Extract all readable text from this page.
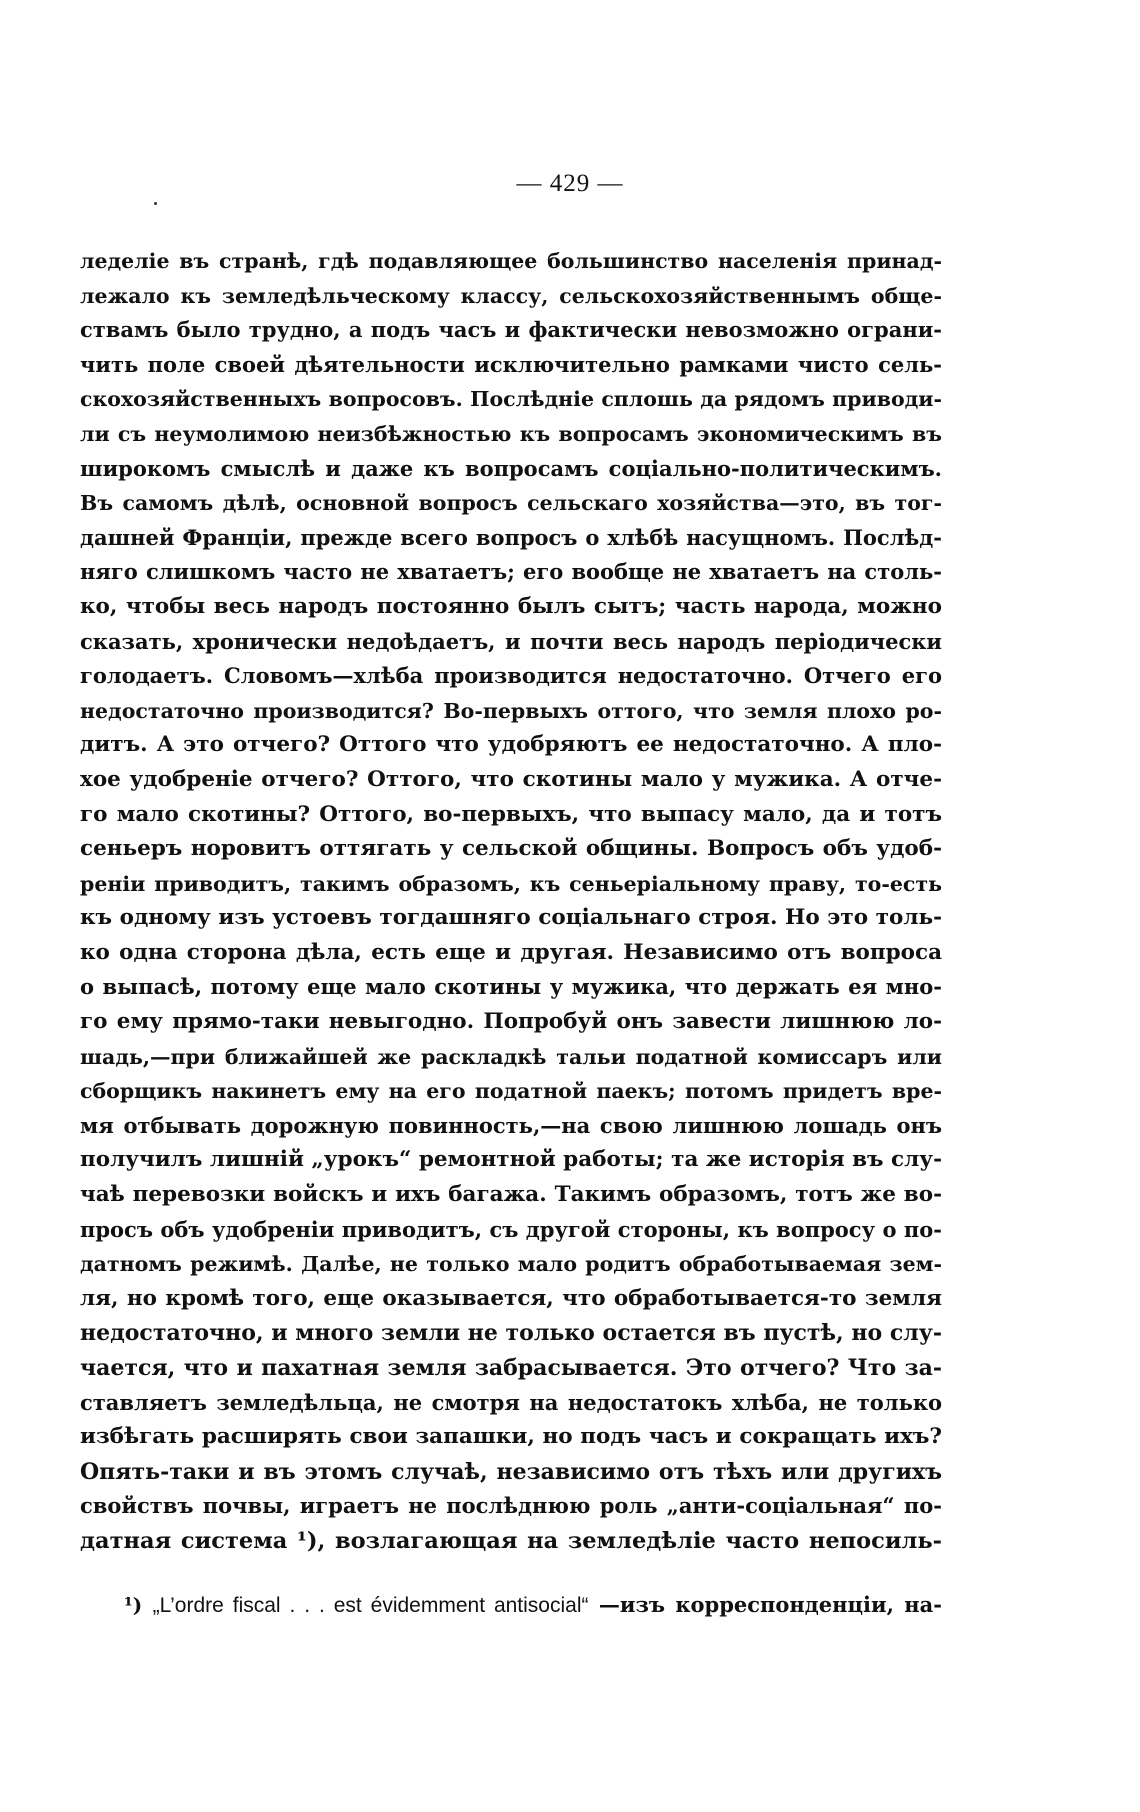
— 429 —
леделіе въ странѣ, гдѣ подавляющее большинство населенія принад-
лежало къ земледѣльческому классу, сельскохозяйственнымъ обще-
ствамъ было трудно, а подъ часъ и фактически невозможно ограни-
чить поле своей дѣятельности исключительно рамками чисто сель-
скохозяйственныхъ вопросовъ. Послѣдніе сплошь да рядомъ приводи-
ли съ неумолимою неизбѣжностью къ вопросамъ экономическимъ въ
широкомъ смыслѣ и даже къ вопросамъ соціально-политическимъ.
Въ самомъ дѣлѣ, основной вопросъ сельскаго хозяйства—это, въ тог-
дашней Франціи, прежде всего вопросъ о хлѣбѣ насущномъ. Послѣд-
няго слишкомъ часто не хватаетъ; его вообще не хватаетъ на столь-
ко, чтобы весь народъ постоянно былъ сытъ; часть народа, можно
сказать, хронически недоѣдаетъ, и почти весь народъ періодически
голодаетъ. Словомъ—хлѣба производится недостаточно. Отчего его
недостаточно производится? Во-первыхъ оттого, что земля плохо ро-
дитъ. А это отчего? Оттого что удобряютъ ее недостаточно. А пло-
хое удобреніе отчего? Оттого, что скотины мало у мужика. А отче-
го мало скотины? Оттого, во-первыхъ, что выпасу мало, да и тотъ
сеньеръ норовитъ оттягать у сельской общины. Вопросъ объ удоб-
реніи приводитъ, такимъ образомъ, къ сеньеріальному праву, то-есть
къ одному изъ устоевъ тогдашняго соціальнаго строя. Но это толь-
ко одна сторона дѣла, есть еще и другая. Независимо отъ вопроса
о выпасѣ, потому еще мало скотины у мужика, что держать ея мно-
го ему прямо-таки невыгодно. Попробуй онъ завести лишнюю ло-
шадь,—при ближайшей же раскладкѣ тальи податной комиссаръ или
сборщикъ накинетъ ему на его податной паекъ; потомъ придетъ вре-
мя отбывать дорожную повинность,—на свою лишнюю лошадь онъ
получилъ лишній „урокъ“ ремонтной работы; та же исторія въ слу-
чаѣ перевозки войскъ и ихъ багажа. Такимъ образомъ, тотъ же во-
просъ объ удобреніи приводитъ, съ другой стороны, къ вопросу о по-
датномъ режимѣ. Далѣе, не только мало родитъ обработываемая зем-
ля, но кромѣ того, еще оказывается, что обработывается-то земля
недостаточно, и много земли не только остается въ пустѣ, но слу-
чается, что и пахатная земля забрасывается. Это отчего? Что за-
ставляетъ земледѣльца, не смотря на недостатокъ хлѣба, не только
избѣгать расширять свои запашки, но подъ часъ и сокращать ихъ?
Опять-таки и въ этомъ случаѣ, независимо отъ тѣхъ или другихъ
свойствъ почвы, играетъ не послѣднюю роль „анти-соціальная“ по-
датная система ¹), возлагающая на земледѣліе часто непосиль-
¹) „L’ordre fiscal . . . est évidemment antisocial“ —изъ корреспонденціи, на-
